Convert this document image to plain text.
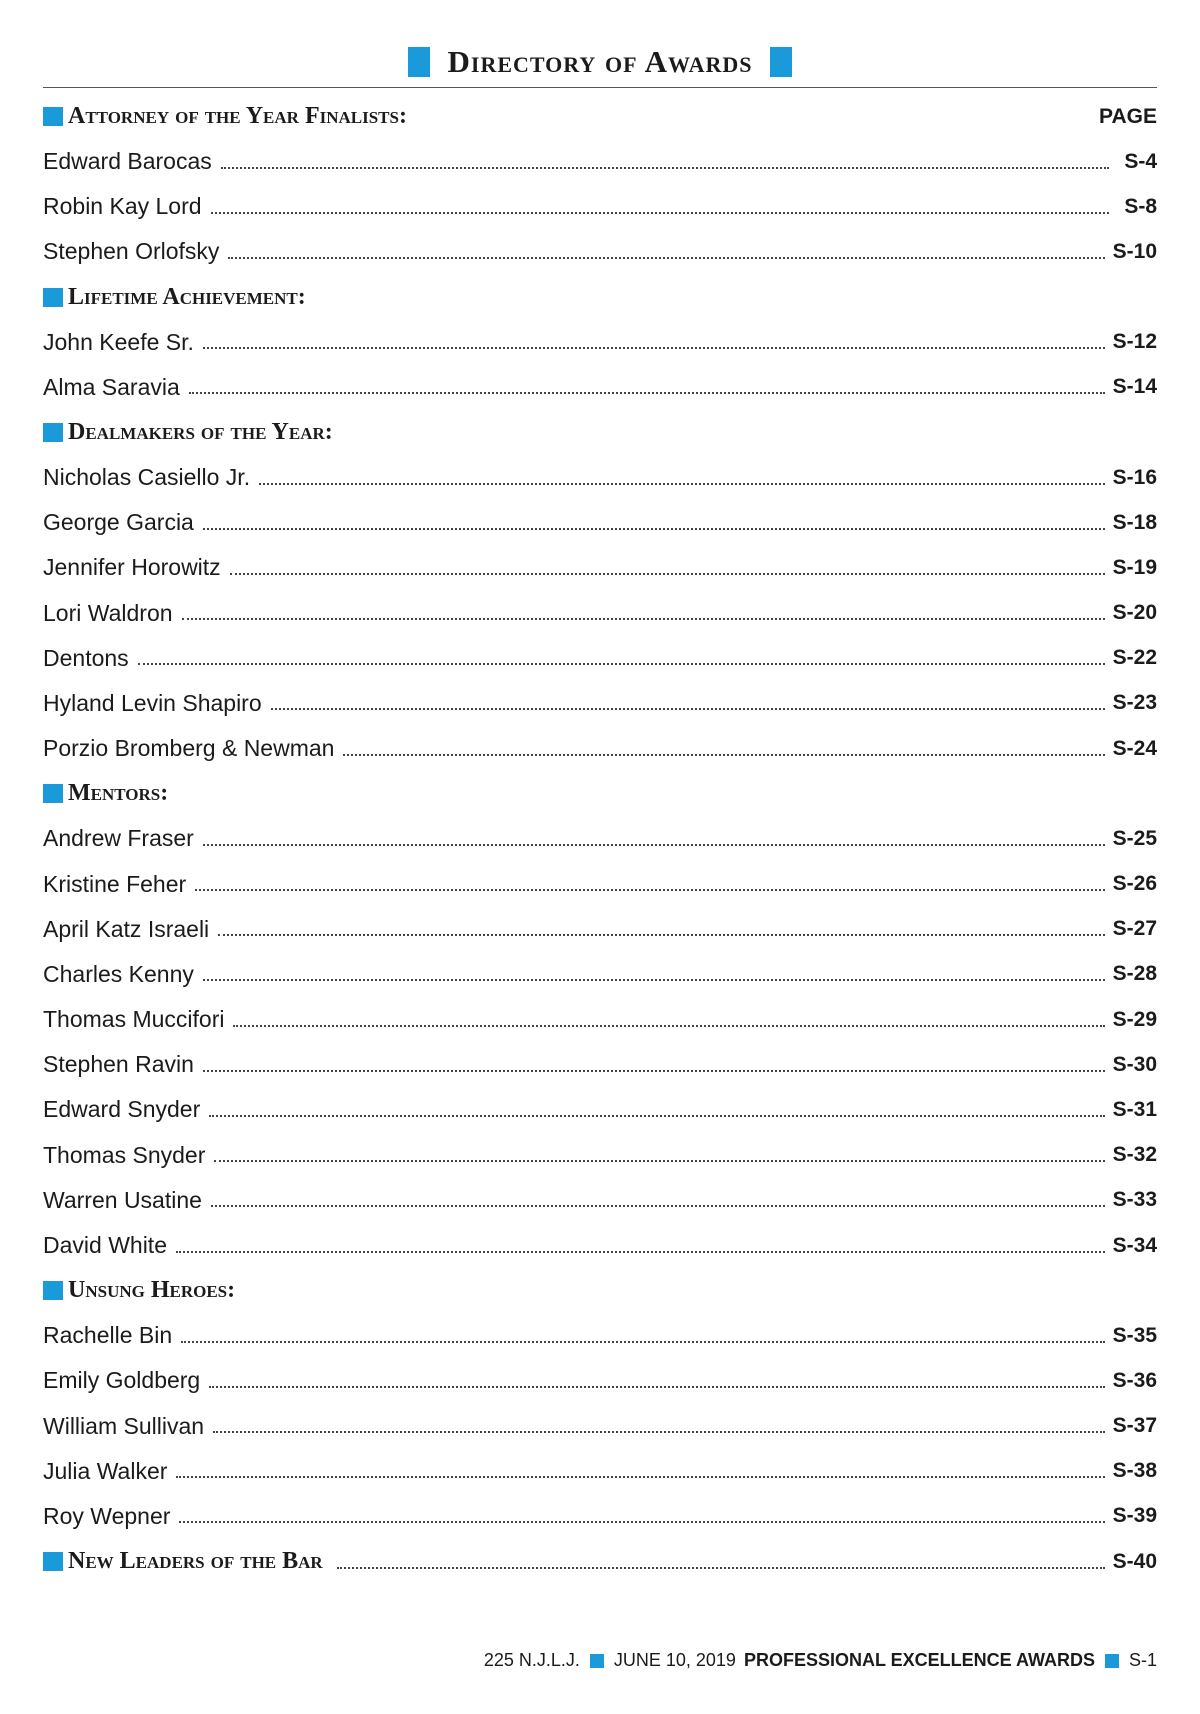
Directory of Awards
Attorney of the Year Finalists:	PAGE
Edward Barocas	S-4
Robin Kay Lord	S-8
Stephen Orlofsky	S-10
Lifetime Achievement:
John Keefe Sr.	S-12
Alma Saravia	S-14
Dealmakers of the Year:
Nicholas Casiello Jr.	S-16
George Garcia	S-18
Jennifer Horowitz	S-19
Lori Waldron	S-20
Dentons	S-22
Hyland Levin Shapiro	S-23
Porzio Bromberg & Newman	S-24
Mentors:
Andrew Fraser	S-25
Kristine Feher	S-26
April Katz Israeli	S-27
Charles Kenny	S-28
Thomas Muccifori	S-29
Stephen Ravin	S-30
Edward Snyder	S-31
Thomas Snyder	S-32
Warren Usatine	S-33
David White	S-34
Unsung Heroes:
Rachelle Bin	S-35
Emily Goldberg	S-36
William Sullivan	S-37
Julia Walker	S-38
Roy Wepner	S-39
New Leaders of the Bar	S-40
225 N.J.L.J. JUNE 10, 2019 PROFESSIONAL EXCELLENCE AWARDS S-1
